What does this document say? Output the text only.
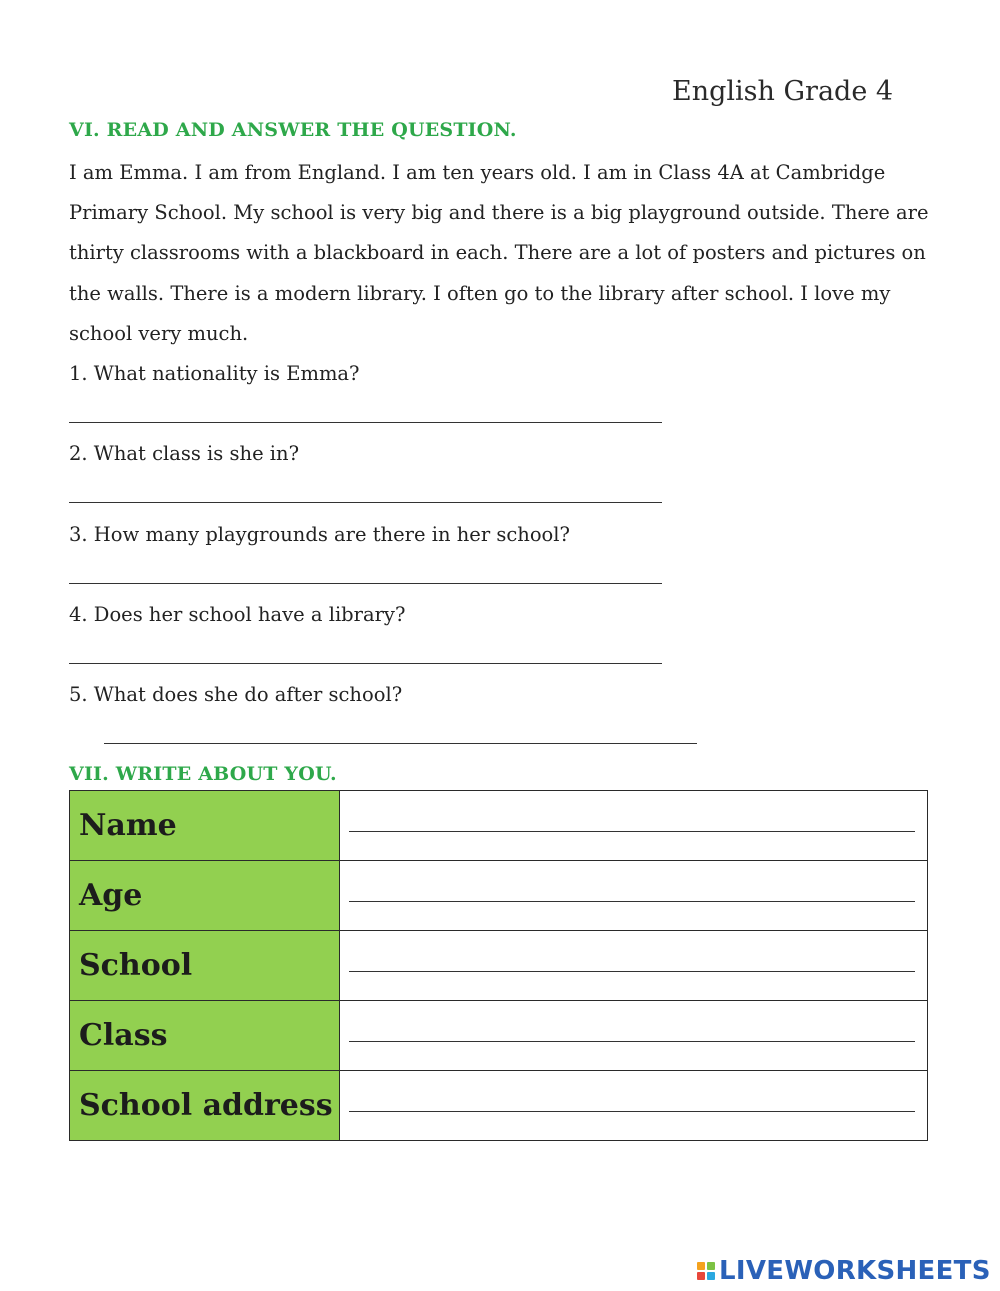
English Grade 4
VI. READ AND ANSWER THE QUESTION.

I am Emma. I am from England. I am ten years old. I am in Class 4A at Cambridge
Primary School. My school is very big and there is a big playground outside. There are
thirty classrooms with a blackboard in each. There are a lot of posters and pictures on
the walls. There is a modern library. I often go to the library after school. I love my
school very much.

1. What nationality is Emma?
2. What class is she in?
3. How many playgrounds are there in her school?
4. Does her school have a library?
5. What does she do after school?
VII. WRITE ABOUT YOU.
Name	

Age	

School	

Class	

School address	
LIVEWORKSHEETS
